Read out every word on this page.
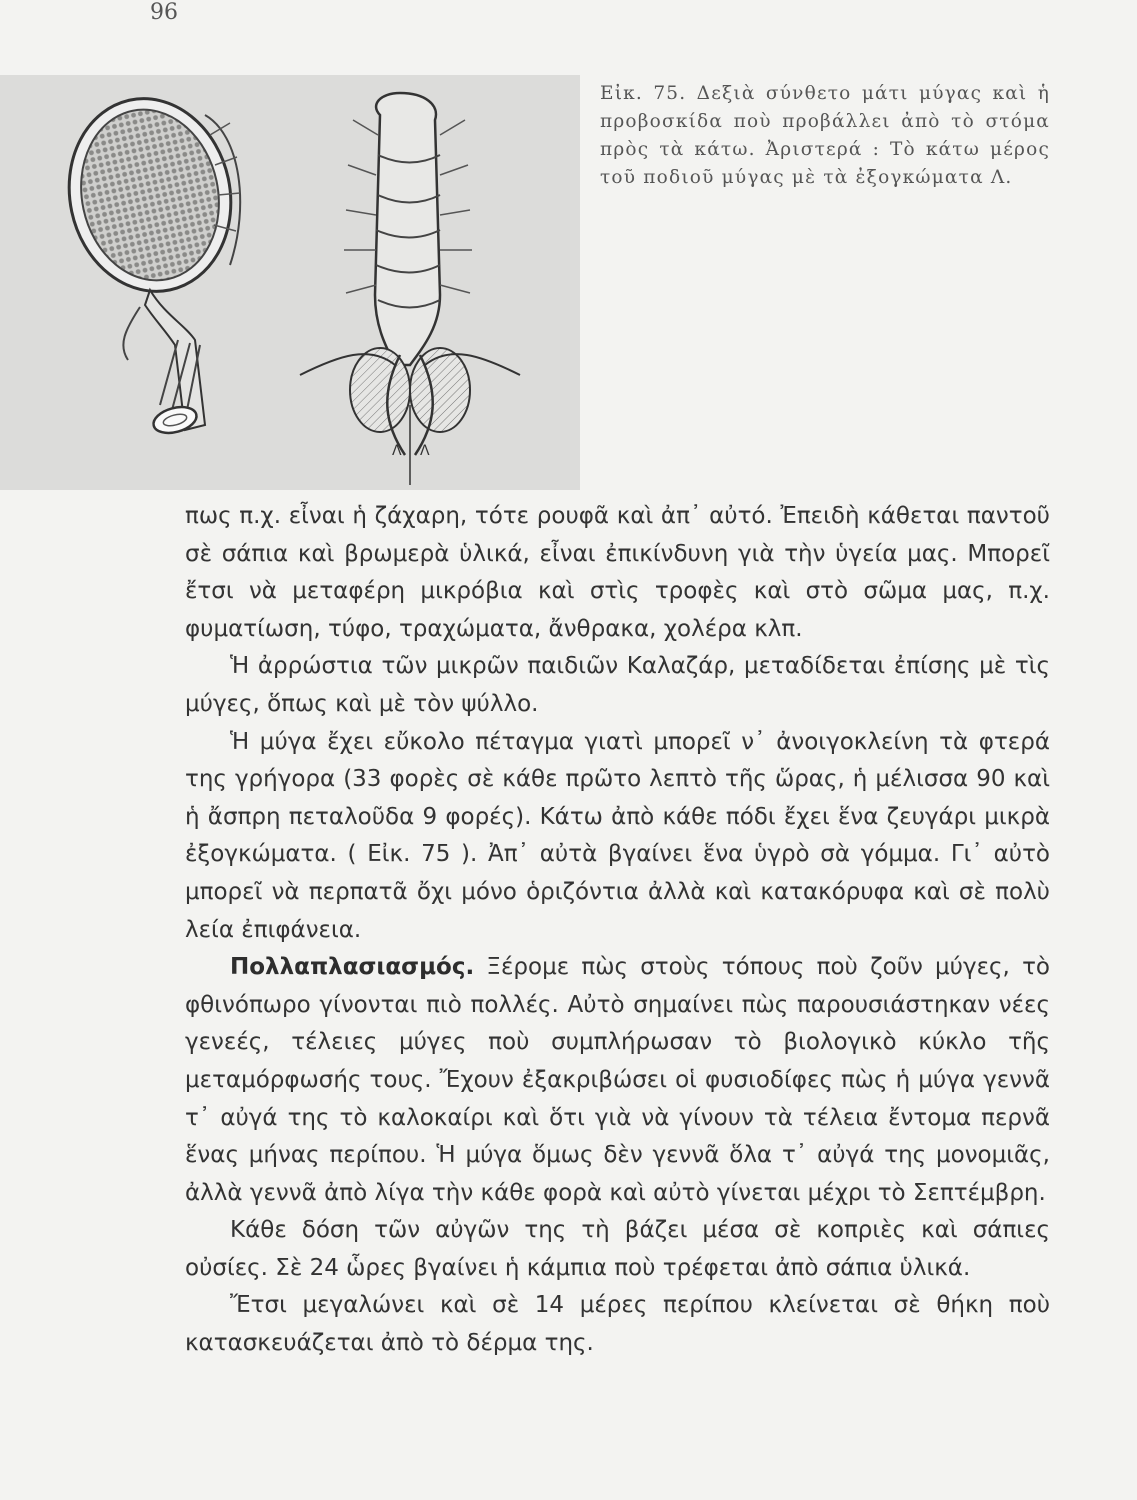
96
Λ Λ
Εἰκ. 75. Δεξιὰ σύνθετο μάτι μύγας καὶ ἡ προβοσκίδα ποὺ προβάλλει ἀπὸ τὸ στόμα πρὸς τὰ κάτω. Ἀριστερά : Τὸ κάτω μέρος τοῦ ποδιοῦ μύγας μὲ τὰ ἐξογκώματα Λ.

πως π.χ. εἶναι ἡ ζάχαρη, τότε ρουφᾶ καὶ ἀπ᾽ αὐτό. Ἐπειδὴ κάθεται παντοῦ σὲ σάπια καὶ βρωμερὰ ὑλικά, εἶναι ἐπικίνδυνη γιὰ τὴν ὑγεία μας. Μπορεῖ ἔτσι νὰ μεταφέρη μικρόβια καὶ στὶς τροφὲς καὶ στὸ σῶμα μας, π.χ. φυματίωση, τύφο, τραχώματα, ἄνθρακα, χολέρα κλπ.

Ἡ ἀρρώστια τῶν μικρῶν παιδιῶν Καλαζάρ, μεταδίδεται ἐπίσης μὲ τὶς μύγες, ὅπως καὶ μὲ τὸν ψύλλο.

Ἡ μύγα ἔχει εὔκολο πέταγμα γιατὶ μπορεῖ ν᾽ ἀνοιγοκλείνη τὰ φτερά της γρήγορα (33 φορὲς σὲ κάθε πρῶτο λεπτὸ τῆς ὥρας, ἡ μέλισσα 90 καὶ ἡ ἄσπρη πεταλοῦδα 9 φορές). Κάτω ἀπὸ κάθε πόδι ἔχει ἕνα ζευγάρι μικρὰ ἐξογκώματα. ( Εἰκ. 75 ). Ἀπ᾽ αὐτὰ βγαίνει ἕνα ὑγρὸ σὰ γόμμα. Γι᾽ αὐτὸ μπορεῖ νὰ περπατᾶ ὄχι μόνο ὁριζόντια ἀλλὰ καὶ κατακόρυφα καὶ σὲ πολὺ λεία ἐπιφάνεια.

Πολλαπλασιασμός. Ξέρομε πὼς στοὺς τόπους ποὺ ζοῦν μύγες, τὸ φθινόπωρο γίνονται πιὸ πολλές. Αὐτὸ σημαίνει πὼς παρουσιάστηκαν νέες γενεές, τέλειες μύγες ποὺ συμπλήρωσαν τὸ βιολογικὸ κύκλο τῆς μεταμόρφωσής τους. Ἔχουν ἐξακριβώσει οἱ φυσιοδίφες πὼς ἡ μύγα γεννᾶ τ᾽ αὐγά της τὸ καλοκαίρι καὶ ὅτι γιὰ νὰ γίνουν τὰ τέλεια ἔντομα περνᾶ ἕνας μήνας περίπου. Ἡ μύγα ὅμως δὲν γεννᾶ ὅλα τ᾽ αὐγά της μονομιᾶς, ἀλλὰ γεννᾶ ἀπὸ λίγα τὴν κάθε φορὰ καὶ αὐτὸ γίνεται μέχρι τὸ Σεπτέμβρη.

Κάθε δόση τῶν αὐγῶν της τὴ βάζει μέσα σὲ κοπριὲς καὶ σάπιες οὐσίες. Σὲ 24 ὧρες βγαίνει ἡ κάμπια ποὺ τρέφεται ἀπὸ σάπια ὑλικά.

Ἔτσι μεγαλώνει καὶ σὲ 14 μέρες περίπου κλείνεται σὲ θήκη ποὺ κατασκευάζεται ἀπὸ τὸ δέρμα της.
